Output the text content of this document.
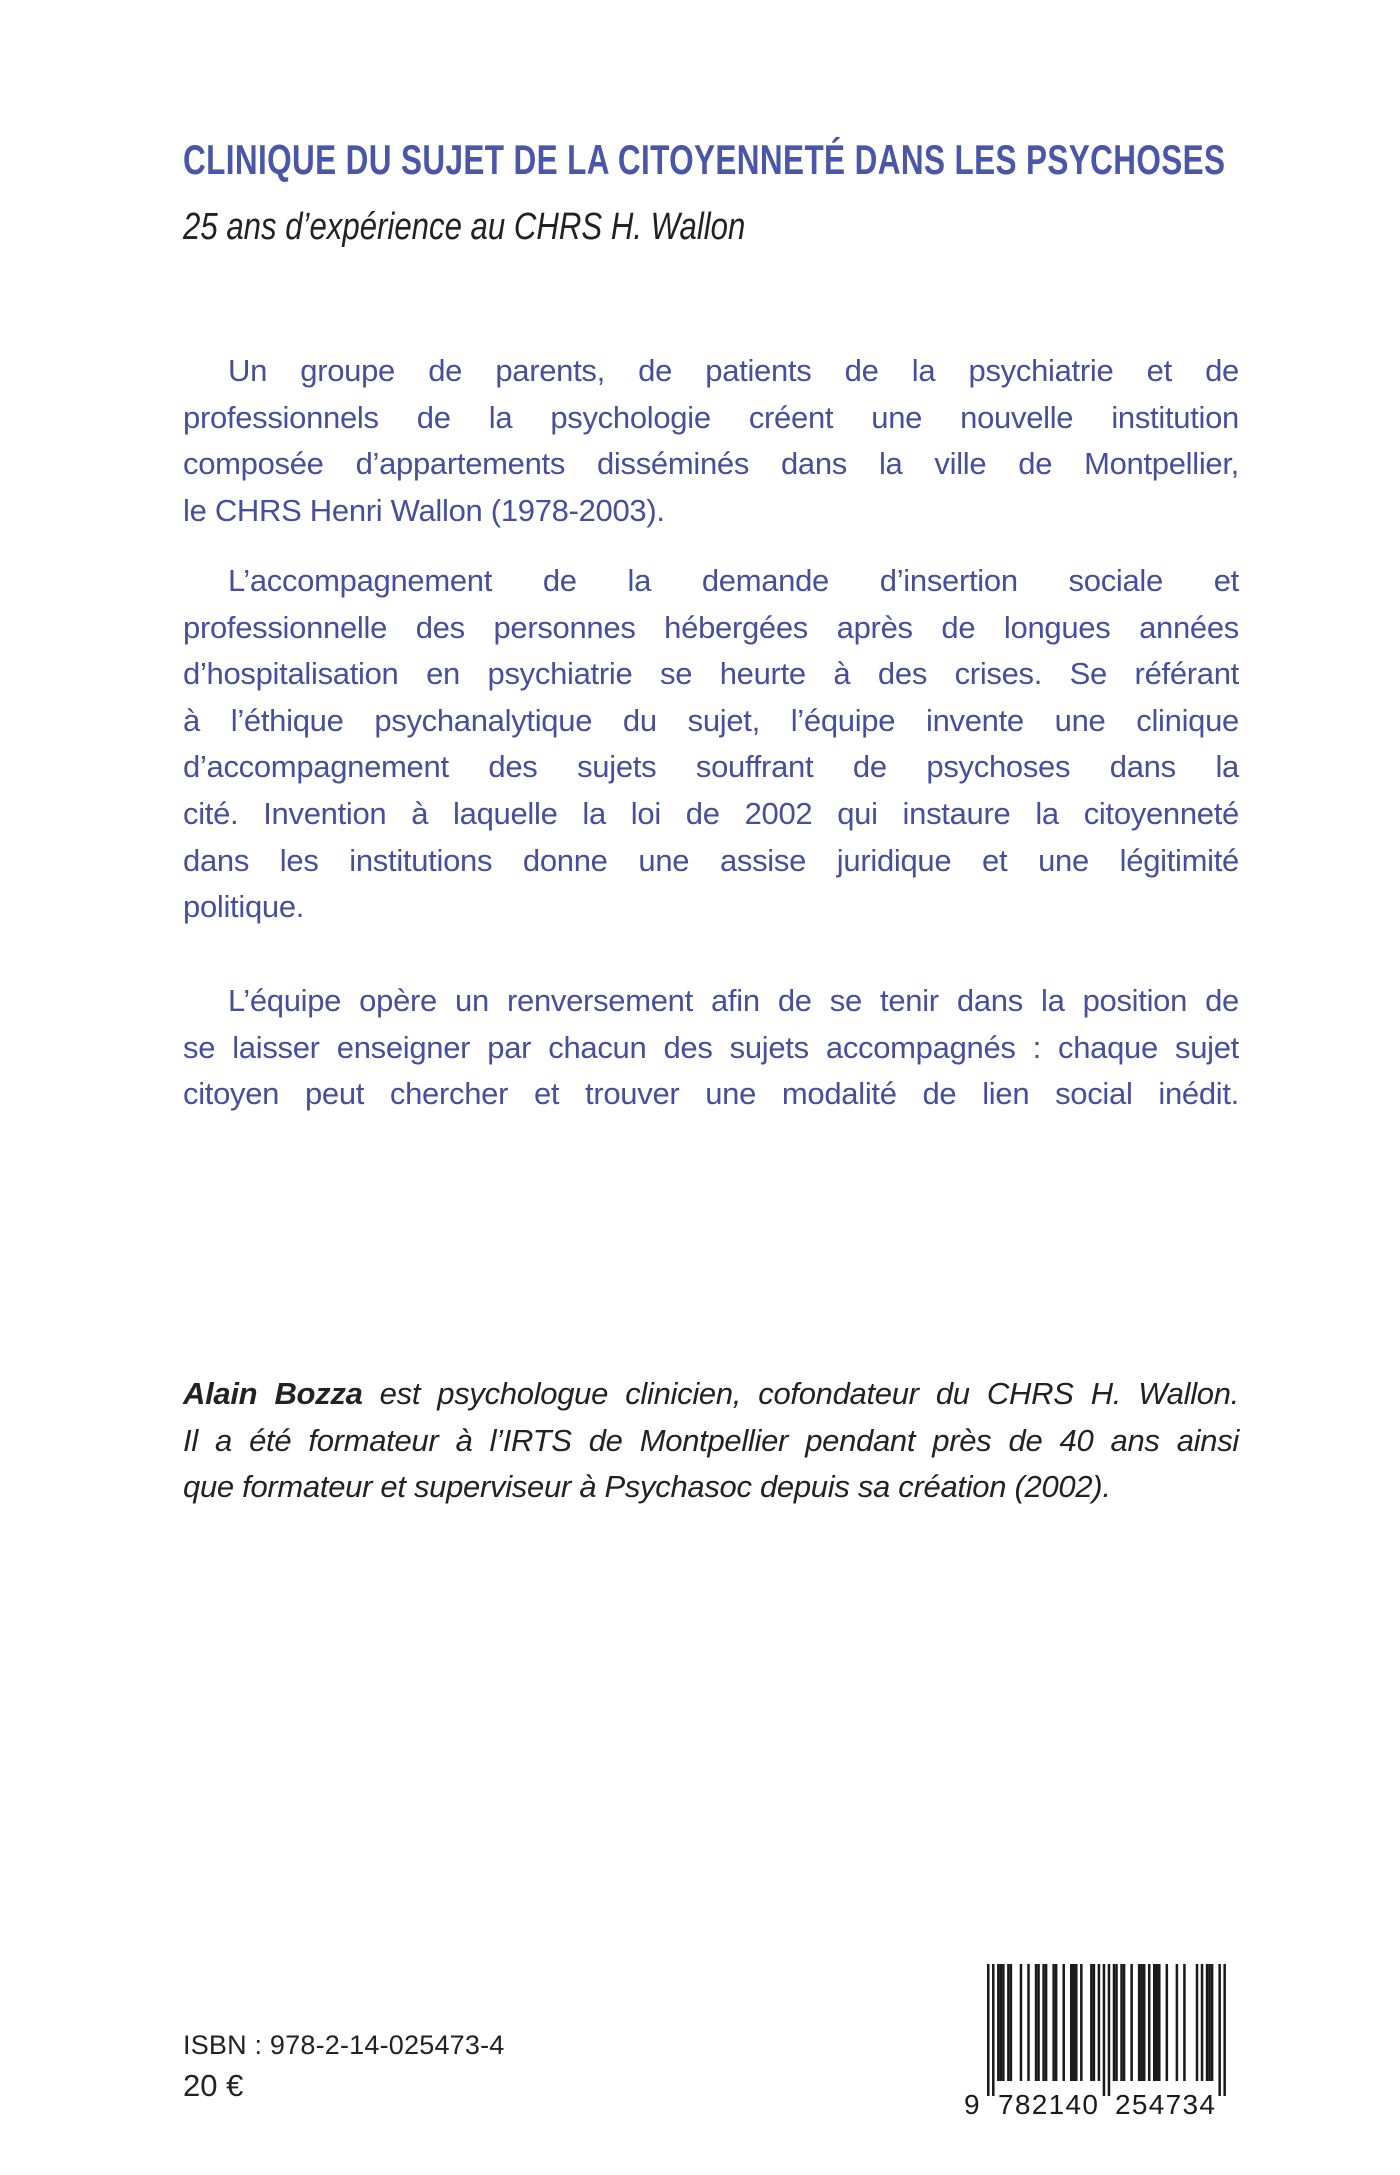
CLINIQUE DU SUJET DE LA CITOYENNETÉ DANS LES PSYCHOSES
25 ans d’expérience au CHRS H. Wallon
Un groupe de parents, de patients de la psychiatrie et de
professionnels de la psychologie créent une nouvelle institution
composée d’appartements disséminés dans la ville de Montpellier,
le CHRS Henri Wallon (1978-2003).
L’accompagnement de la demande d’insertion sociale et
professionnelle des personnes hébergées après de longues années
d’hospitalisation en psychiatrie se heurte à des crises. Se référant
à l’éthique psychanalytique du sujet, l’équipe invente une clinique
d’accompagnement des sujets souffrant de psychoses dans la
cité. Invention à laquelle la loi de 2002 qui instaure la citoyenneté
dans les institutions donne une assise juridique et une légitimité
politique.
L’équipe opère un renversement afin de se tenir dans la position de
se laisser enseigner par chacun des sujets accompagnés : chaque sujet
citoyen peut chercher et trouver une modalité de lien social inédit.
Alain Bozza est psychologue clinicien, cofondateur du CHRS H. Wallon.
Il a été formateur à l’IRTS de Montpellier pendant près de 40 ans ainsi
que formateur et superviseur à Psychasoc depuis sa création (2002).
ISBN : 978-2-14-025473-4
20 €
9 782140 254734
